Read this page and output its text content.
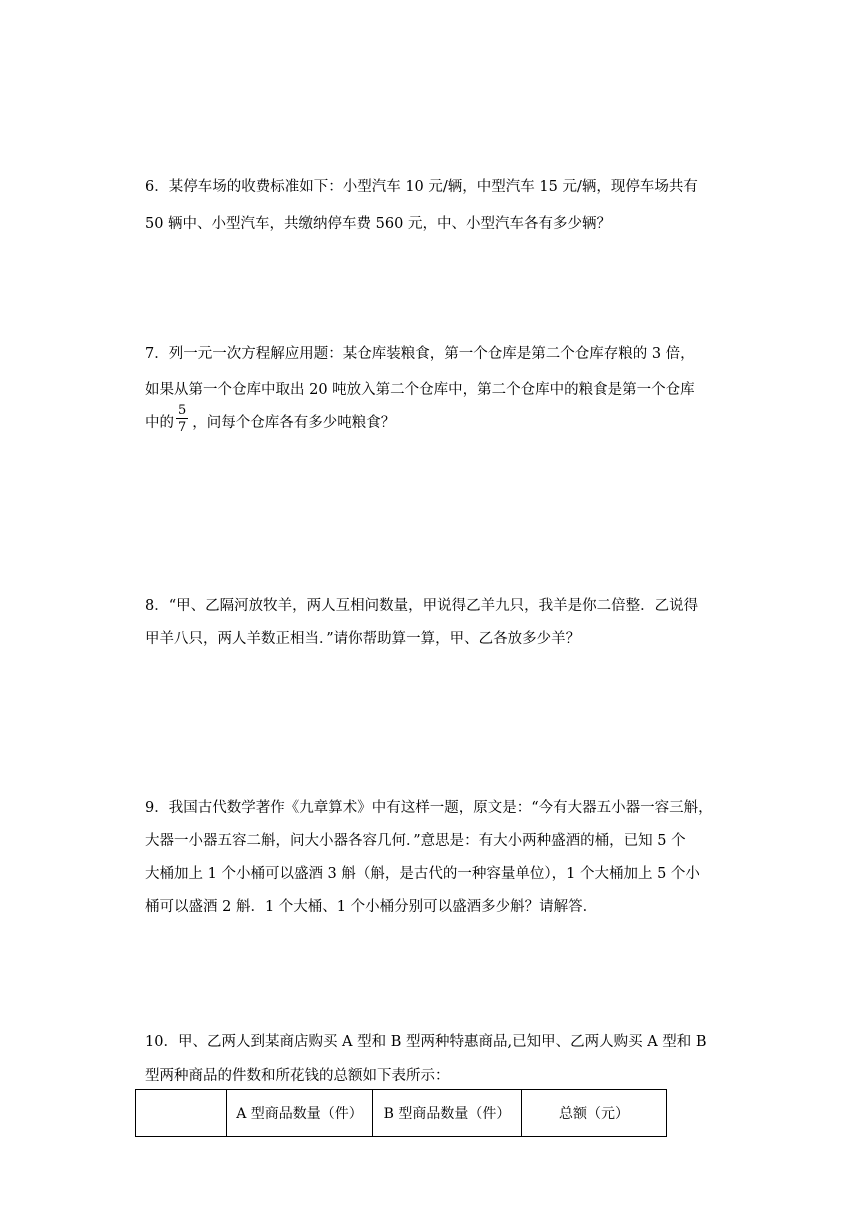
6．某停车场的收费标准如下：小型汽车 10 元/辆，中型汽车 15 元/辆，现停车场共有
50 辆中、小型汽车，共缴纳停车费 560 元，中、小型汽车各有多少辆？
7．列一元一次方程解应用题：某仓库装粮食，第一个仓库是第二个仓库存粮的 3 倍，
如果从第一个仓库中取出 20 吨放入第二个仓库中，第二个仓库中的粮食是第一个仓库
中的 $\frac{5}{7}$ ，问每个仓库各有多少吨粮食？
8．“甲、乙隔河放牧羊，两人互相问数量，甲说得乙羊九只，我羊是你二倍整．乙说得
甲羊八只，两人羊数正相当．”请你帮助算一算，甲、乙各放多少羊？
9．我国古代数学著作《九章算术》中有这样一题，原文是：“今有大器五小器一容三斛，
大器一小器五容二斛，问大小器各容几何．”意思是：有大小两种盛酒的桶，已知 5 个
大桶加上 1 个小桶可以盛酒 3 斛（斛，是古代的一种容量单位），1 个大桶加上 5 个小
桶可以盛酒 2 斛．1 个大桶、1 个小桶分别可以盛酒多少斛？请解答．
10．甲、乙两人到某商店购买 A 型和 B 型两种特惠商品,已知甲、乙两人购买 A 型和 B
型两种商品的件数和所花钱的总额如下表所示：
	A 型商品数量（件）	B 型商品数量（件）	总额（元）
